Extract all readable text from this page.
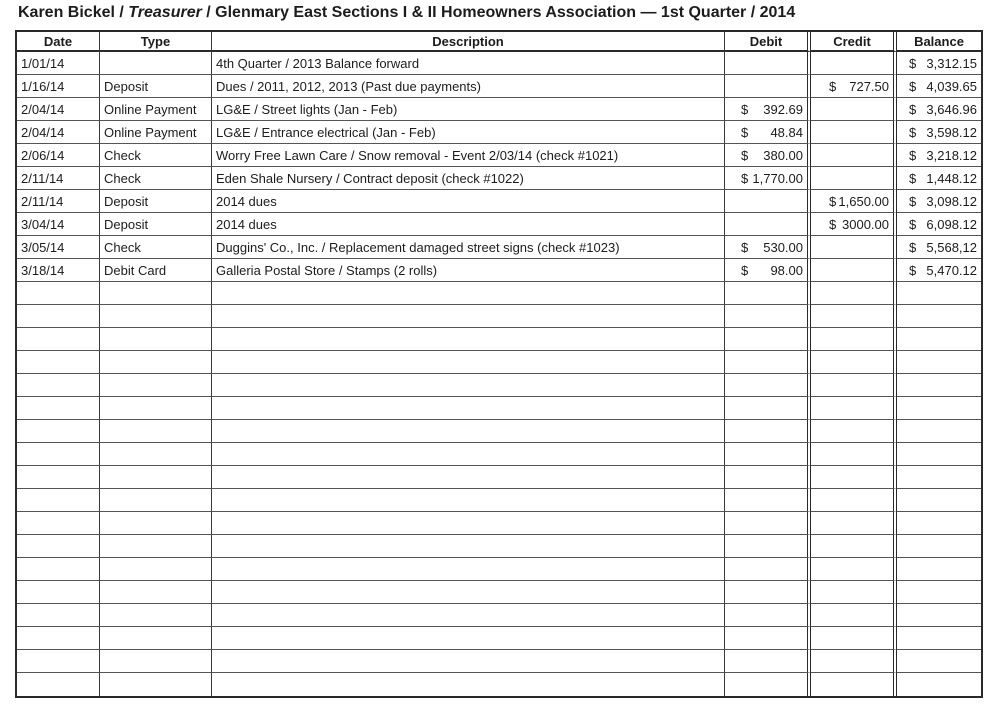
Karen Bickel / Treasurer / Glenmary East Sections I & II Homeowners Association — 1st Quarter / 2014
Date	Type	Description	Debit	Credit	Balance
1/01/14		4th Quarter / 2013 Balance forward			$ 3,312.15

1/16/14	Deposit	Dues / 2011, 2012, 2013 (Past due payments)		$ 727.50	$ 4,039.65

2/04/14	Online Payment	LG&E / Street lights (Jan - Feb)	$ 392.69		$ 3,646.96

2/04/14	Online Payment	LG&E / Entrance electrical (Jan - Feb)	$ 48.84		$ 3,598.12

2/06/14	Check	Worry Free Lawn Care / Snow removal - Event 2/03/14 (check #1021)	$ 380.00		$ 3,218.12

2/11/14	Check	Eden Shale Nursery / Contract deposit (check #1022)	$ 1,770.00		$ 1,448.12

2/11/14	Deposit	2014 dues		$ 1,650.00	$ 3,098.12

3/04/14	Deposit	2014 dues		$ 3000.00	$ 6,098.12

3/05/14	Check	Duggins' Co., Inc. / Replacement damaged street signs (check #1023)	$ 530.00		$ 5,568,12

3/18/14	Debit Card	Galleria Postal Store / Stamps (2 rolls)	$ 98.00		$ 5,470.12
